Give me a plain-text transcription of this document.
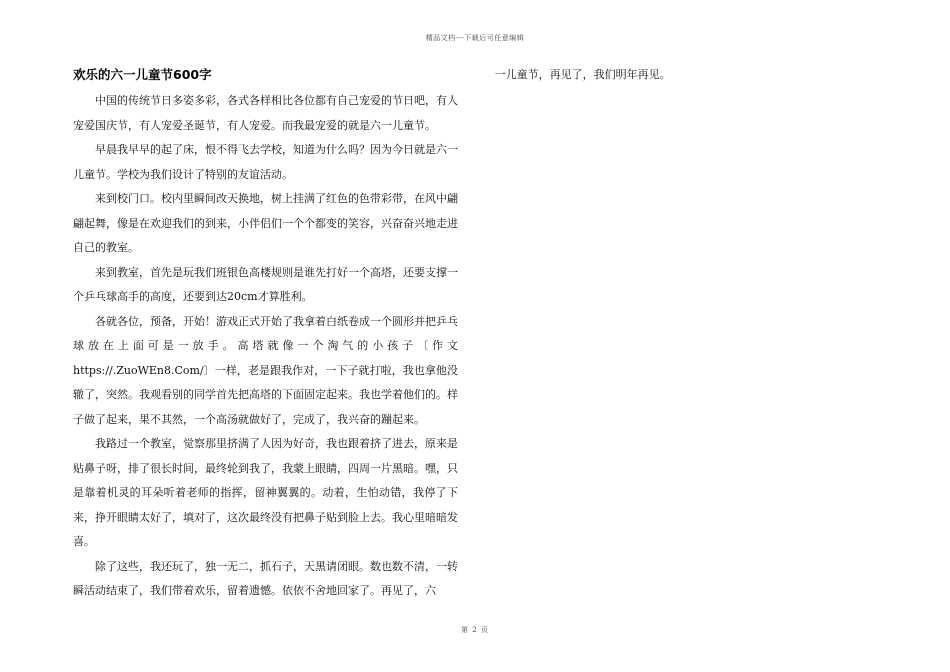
精品文档---下载后可任意编辑
欢乐的六一儿童节600字

中国的传统节日多姿多彩，各式各样相比各位都有自己宠爱的节日吧，有人宠爱国庆节，有人宠爱圣诞节，有人宠爱。而我最宠爱的就是六一儿童节。

早晨我早早的起了床，恨不得飞去学校，知道为什么吗？因为今日就是六一儿童节。学校为我们设计了特别的友谊活动。

来到校门口。校内里瞬间改天换地，树上挂满了红色的色带彩带，在风中翩翩起舞，像是在欢迎我们的到来，小伴侣们一个个都变的笑容，兴奋奋兴地走进自己的教室。

来到教室，首先是玩我们班银色高楼规则是谁先打好一个高塔，还要支撑一个乒乓球高手的高度，还要到达20cm才算胜利。

各就各位，预备，开始！游戏正式开始了我拿着白纸卷成一个圆形并把乒乓球放在上面可是一放手。高塔就像一个淘气的小孩子〔作文https://.ZuoWEn8.Com/〕一样，老是跟我作对，一下子就打啦，我也拿他没辙了，突然。我观看别的同学首先把高塔的下面固定起来。我也学着他们的。样子做了起来，果不其然，一个高汤就做好了，完成了，我兴奋的蹦起来。

我路过一个教室，觉察那里挤满了人因为好奇，我也跟着挤了进去，原来是贴鼻子呀，排了很长时间，最终轮到我了，我蒙上眼睛，四周一片黑暗。嘿，只是靠着机灵的耳朵听着老师的指挥，留神翼翼的。动着，生怕动错，我停了下来，挣开眼睛太好了，填对了，这次最终没有把鼻子贴到脸上去。我心里暗暗发喜。

除了这些，我还玩了，独一无二，抓石子，天黑请闭眼。数也数不清，一转瞬活动结束了，我们带着欢乐，留着遗憾。依依不舍地回家了。再见了，六

一儿童节，再见了，我们明年再见。

第 2 页
